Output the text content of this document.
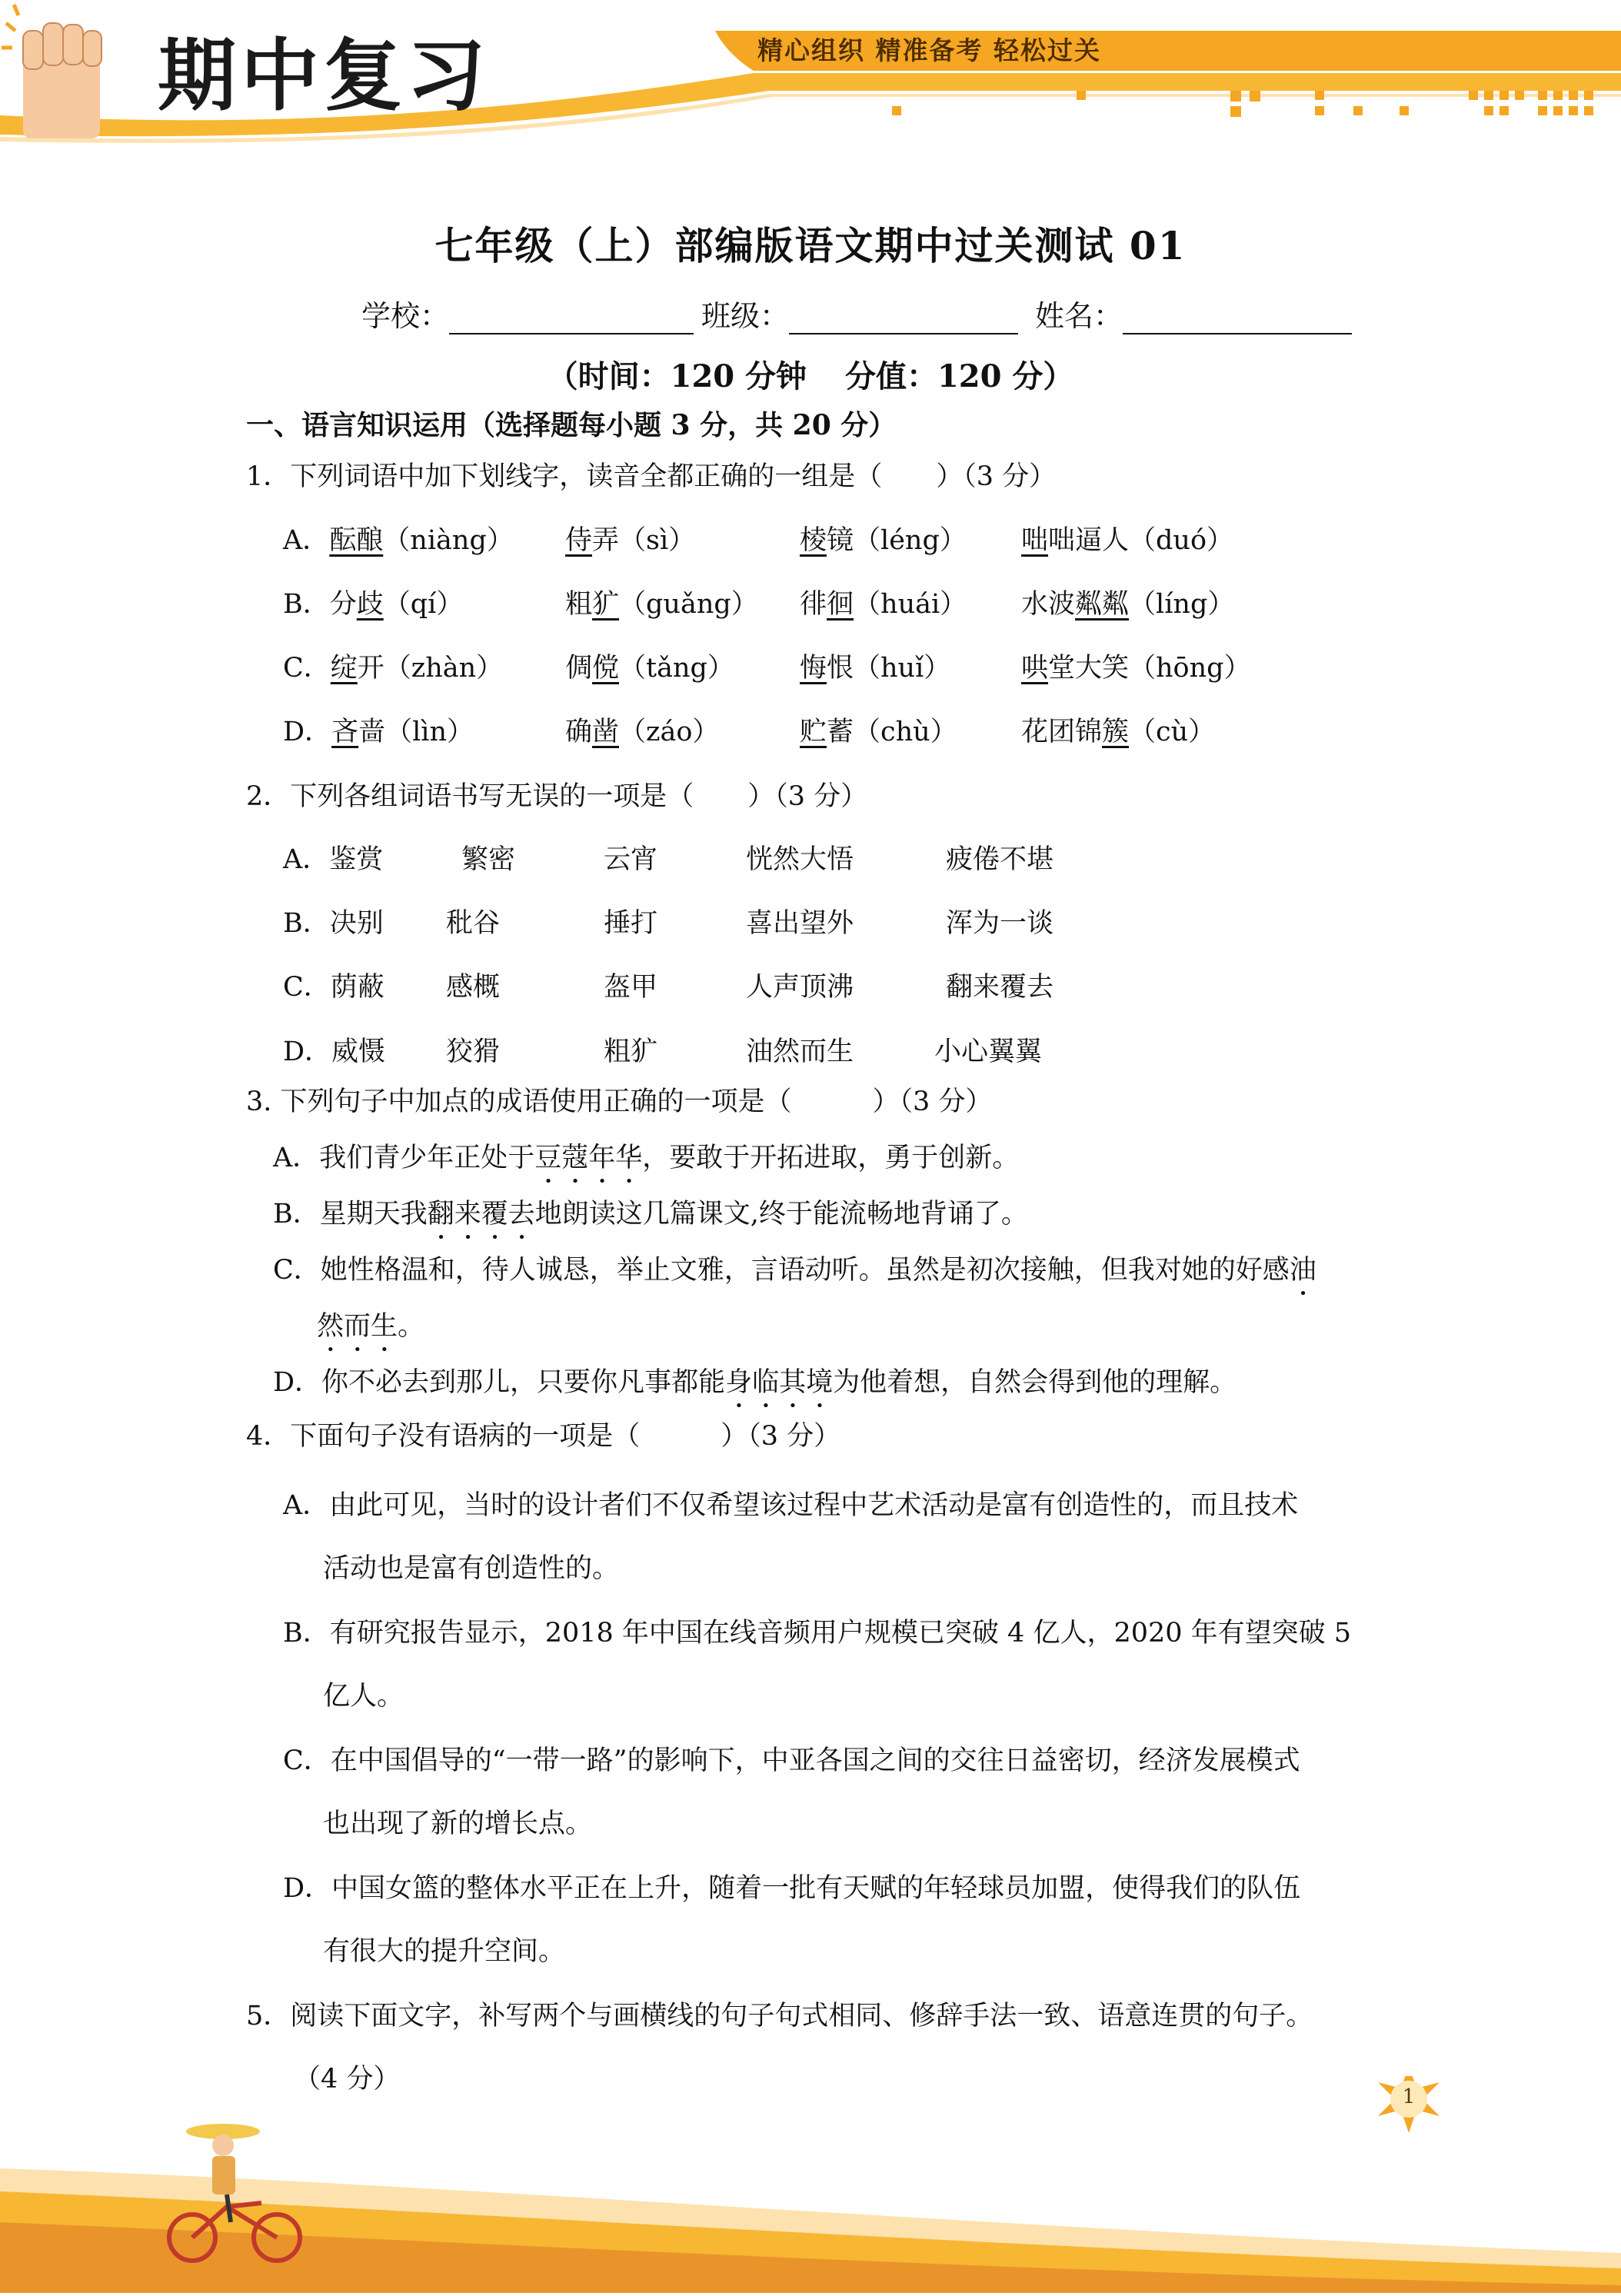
期中复习	精心组织 精准备考 轻松过关
七年级（上）部编版语文期中过关测试 01
学校：	班级：	姓名：
（时间：120 分钟 分值：120 分）
一、语言知识运用（选择题每小题 3 分，共 20 分）
1．下列词语中加下划线字，读音全都正确的一组是（　　）（3 分）
A．酝酿（niàng） 侍弄（sì）	棱镜（léng） 咄咄逼人（duó）
B．分歧（qí）	粗犷（guǎng） 徘徊（huái） 水波粼粼（líng）
C．绽开（zhàn） 倜傥（tǎng） 悔恨（huǐ）	哄堂大笑（hōng）
D．吝啬（lìn）	确凿（záo）	贮蓄（chù） 花团锦簇（cù）
2．下列各组词语书写无误的一项是（　　）（3 分）
A．鉴赏	繁密	云宵	恍然大悟	疲倦不堪
B．决别 秕谷	捶打	喜出望外	浑为一谈
C．荫蔽 感概	盔甲	人声顶沸	翻来覆去
D．威慑 狡猾	粗犷	油然而生	小心翼翼
3. 下列句子中加点的成语使用正确的一项是（　　　）（3 分）
A．我们青少年正处于豆蔻年华，要敢于开拓进取，勇于创新。
B．星期天我翻来覆去地朗读这几篇课文,终于能流畅地背诵了。
C．她性格温和，待人诚恳，举止文雅，言语动听。虽然是初次接触，但我对她的好感油
然而生。
D．你不必去到那儿，只要你凡事都能身临其境为他着想，自然会得到他的理解。
4．下面句子没有语病的一项是（　　　）（3 分）
A．由此可见，当时的设计者们不仅希望该过程中艺术活动是富有创造性的，而且技术
活动也是富有创造性的。
B．有研究报告显示，2018 年中国在线音频用户规模已突破 4 亿人，2020 年有望突破 5
亿人。
C．在中国倡导的“一带一路”的影响下，中亚各国之间的交往日益密切，经济发展模式
也出现了新的增长点。
D．中国女篮的整体水平正在上升，随着一批有天赋的年轻球员加盟，使得我们的队伍
有很大的提升空间。
5．阅读下面文字，补写两个与画横线的句子句式相同、修辞手法一致、语意连贯的句子。
（4 分）
1
